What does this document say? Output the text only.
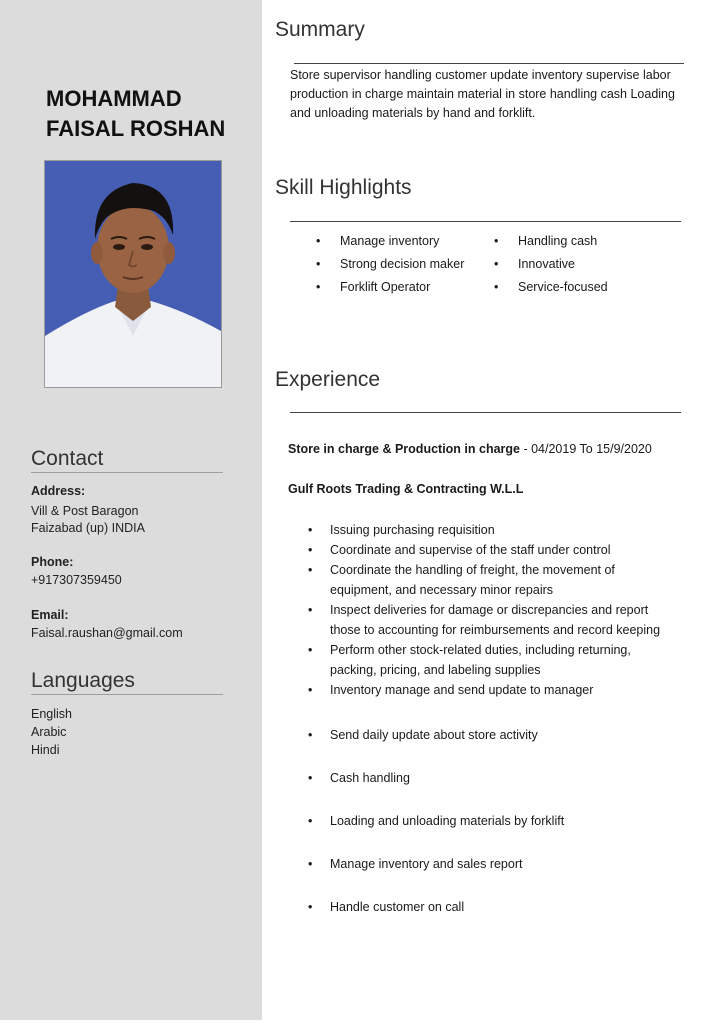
MOHAMMAD
FAISAL ROSHAN
Contact
Address:
Vill & Post Baragon
Faizabad (up) INDIA
Phone:
+917307359450
Email:
Faisal.raushan@gmail.com
Languages
English
Arabic
Hindi
Summary
Store supervisor handling customer update inventory supervise labor production in charge maintain material in store handling cash Loading and unloading materials by hand and forklift.
Skill Highlights
• Manage inventory	• Handling cash
• Strong decision maker	• Innovative
• Forklift Operator	• Service-focused
Experience
Store in charge & Production in charge - 04/2019 To 15/9/2020
Gulf Roots Trading & Contracting W.L.L
• Issuing purchasing requisition
• Coordinate and supervise of the staff under control
• Coordinate the handling of freight, the movement of equipment, and necessary minor repairs
• Inspect deliveries for damage or discrepancies and report those to accounting for reimbursements and record keeping
• Perform other stock-related duties, including returning, packing, pricing, and labeling supplies
• Inventory manage and send update to manager
• Send daily update about store activity
• Cash handling
• Loading and unloading materials by forklift
• Manage inventory and sales report
• Handle customer on call
